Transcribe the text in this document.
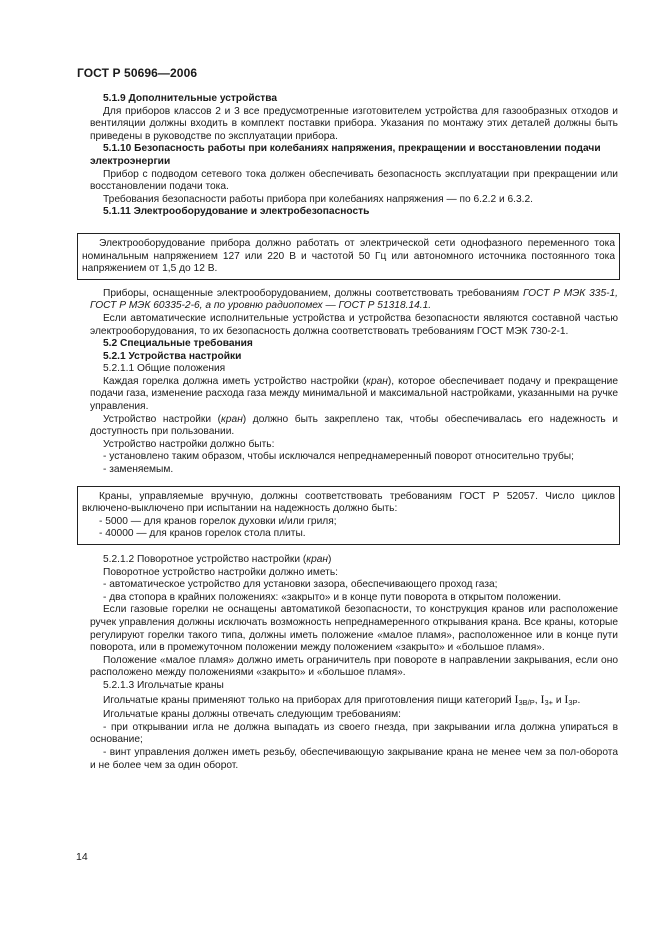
ГОСТ Р 50696—2006

5.1.9 Дополнительные устройства

Для приборов классов 2 и 3 все предусмотренные изготовителем устройства для газообразных отходов и вентиляции должны входить в комплект поставки прибора. Указания по монтажу этих деталей должны быть приведены в руководстве по эксплуатации прибора.

5.1.10 Безопасность работы при колебаниях напряжения, прекращении и восстановлении подачи электроэнергии

Прибор с подводом сетевого тока должен обеспечивать безопасность эксплуатации при прекращении или восстановлении подачи тока.

Требования безопасности работы прибора при колебаниях напряжения — по 6.2.2 и 6.3.2.

5.1.11 Электрооборудование и электробезопасность

Электрооборудование прибора должно работать от электрической сети однофазного переменного тока номинальным напряжением 127 или 220 В и частотой 50 Гц или автономного источника постоянного тока напряжением от 1,5 до 12 В.

Приборы, оснащенные электрооборудованием, должны соответствовать требованиям ГОСТ Р МЭК 335-1, ГОСТ Р МЭК 60335-2-6, а по уровню радиопомех — ГОСТ Р 51318.14.1.

Если автоматические исполнительные устройства и устройства безопасности являются составной частью электрооборудования, то их безопасность должна соответствовать требованиям ГОСТ МЭК 730-2-1.

5.2 Специальные требования

5.2.1 Устройства настройки

5.2.1.1 Общие положения

Каждая горелка должна иметь устройство настройки (кран), которое обеспечивает подачу и прекращение подачи газа, изменение расхода газа между минимальной и максимальной настройками, указанными на ручке управления.

Устройство настройки (кран) должно быть закреплено так, чтобы обеспечивалась его надежность и доступность при пользовании.

Устройство настройки должно быть:

- установлено таким образом, чтобы исключался непреднамеренный поворот относительно трубы;

- заменяемым.

Краны, управляемые вручную, должны соответствовать требованиям ГОСТ Р 52057. Число циклов включено-выключено при испытании на надежность должно быть:

- 5000 — для кранов горелок духовки и/или гриля;

- 40000 — для кранов горелок стола плиты.

5.2.1.2 Поворотное устройство настройки (кран)

Поворотное устройство настройки должно иметь:

- автоматическое устройство для установки зазора, обеспечивающего проход газа;

- два стопора в крайних положениях: «закрыто» и в конце пути поворота в открытом положении.

Если газовые горелки не оснащены автоматикой безопасности, то конструкция кранов или расположение ручек управления должны исключать возможность непреднамеренного открывания крана. Все краны, которые регулируют горелки такого типа, должны иметь положение «малое пламя», расположенное или в конце пути поворота, или в промежуточном положении между положением «закрыто» и «большое пламя».

Положение «малое пламя» должно иметь ограничитель при повороте в направлении закрывания, если оно расположено между положениями «закрыто» и «большое пламя».

5.2.1.3 Игольчатые краны

Игольчатые краны применяют только на приборах для приготовления пищи категорий I3B/P, I3+ и I3P.

Игольчатые краны должны отвечать следующим требованиям:

- при открывании игла не должна выпадать из своего гнезда, при закрывании игла должна упираться в основание;

- винт управления должен иметь резьбу, обеспечивающую закрывание крана не менее чем за пол-оборота и не более чем за один оборот.

14
